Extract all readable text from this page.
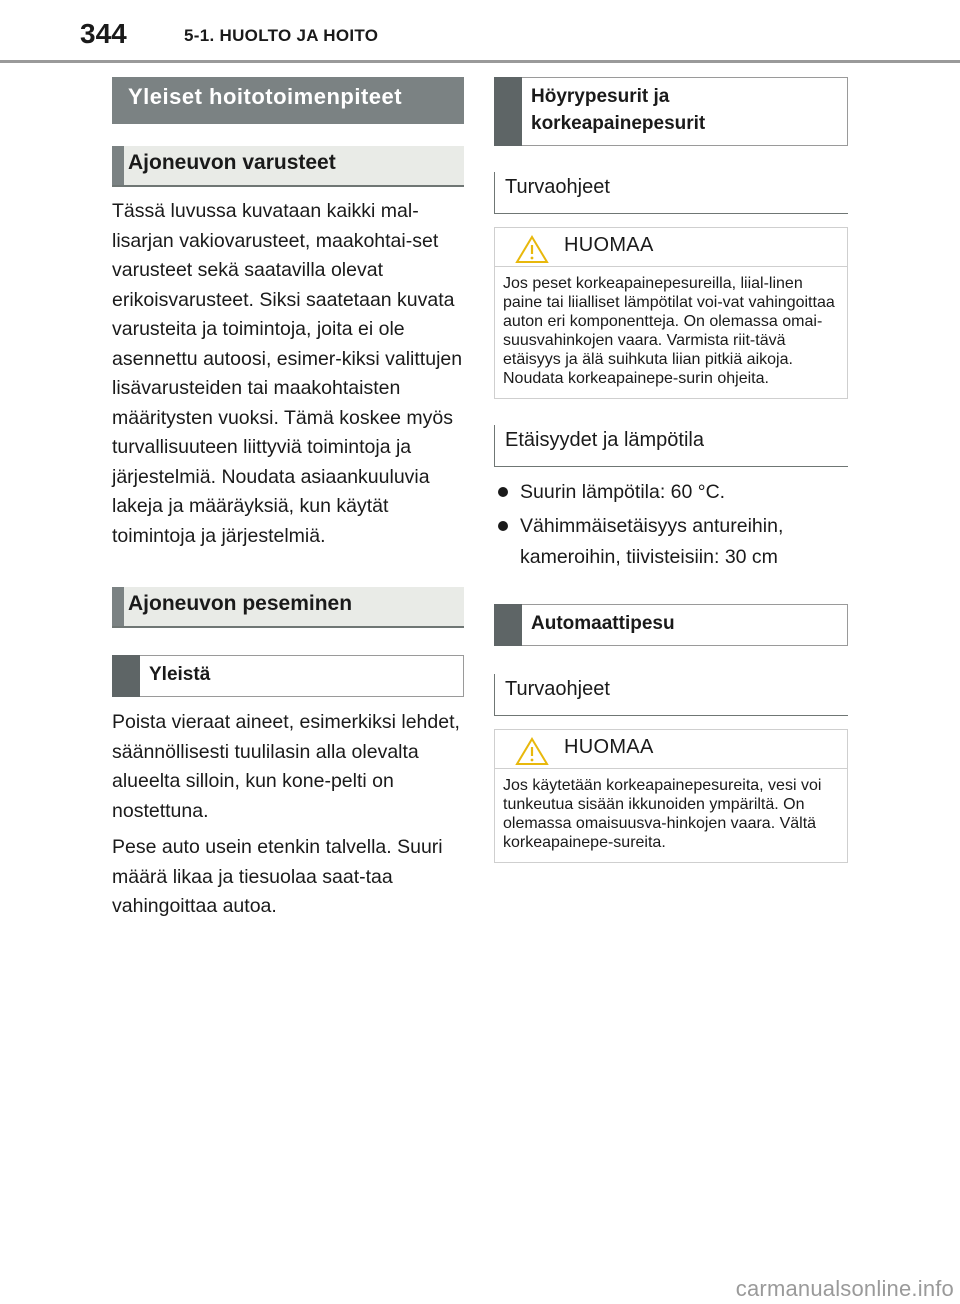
344	5-1. HUOLTO JA HOITO
Yleiset hoitotoimenpiteet
Ajoneuvon varusteet

Tässä luvussa kuvataan kaikki mal-lisarjan vakiovarusteet, maakohtai-set varusteet sekä saatavilla olevat erikoisvarusteet. Siksi saatetaan kuvata varusteita ja toimintoja, joita ei ole asennettu autoosi, esimer-kiksi valittujen lisävarusteiden tai maakohtaisten määritysten vuoksi. Tämä koskee myös turvallisuuteen liittyviä toimintoja ja järjestelmiä. Noudata asiaankuuluvia lakeja ja määräyksiä, kun käytät toimintoja ja järjestelmiä.

Ajoneuvon peseminen
Yleistä

Poista vieraat aineet, esimerkiksi lehdet, säännöllisesti tuulilasin alla olevalta alueelta silloin, kun kone-pelti on nostettuna.

Pese auto usein etenkin talvella. Suuri määrä likaa ja tiesuolaa saat-taa vahingoittaa autoa.

Höyrypesurit ja korkeapainepesurit
Turvaohjeet
HUOMAA
Jos peset korkeapainepesureilla, liial-linen paine tai liialliset lämpötilat voi-vat vahingoittaa auton eri komponentteja. On olemassa omai-suusvahinkojen vaara. Varmista riit-tävä etäisyys ja älä suihkuta liian pitkiä aikoja. Noudata korkeapainepe-surin ohjeita.
Etäisyydet ja lämpötila
Suurin lämpötila: 60 °C.
Vähimmäisetäisyys antureihin, kameroihin, tiivisteisiin: 30 cm
Automaattipesu
Turvaohjeet
HUOMAA
Jos käytetään korkeapainepesureita, vesi voi tunkeutua sisään ikkunoiden ympäriltä. On olemassa omaisuusva-hinkojen vaara. Vältä korkeapainepe-sureita.
carmanualsonline.info
